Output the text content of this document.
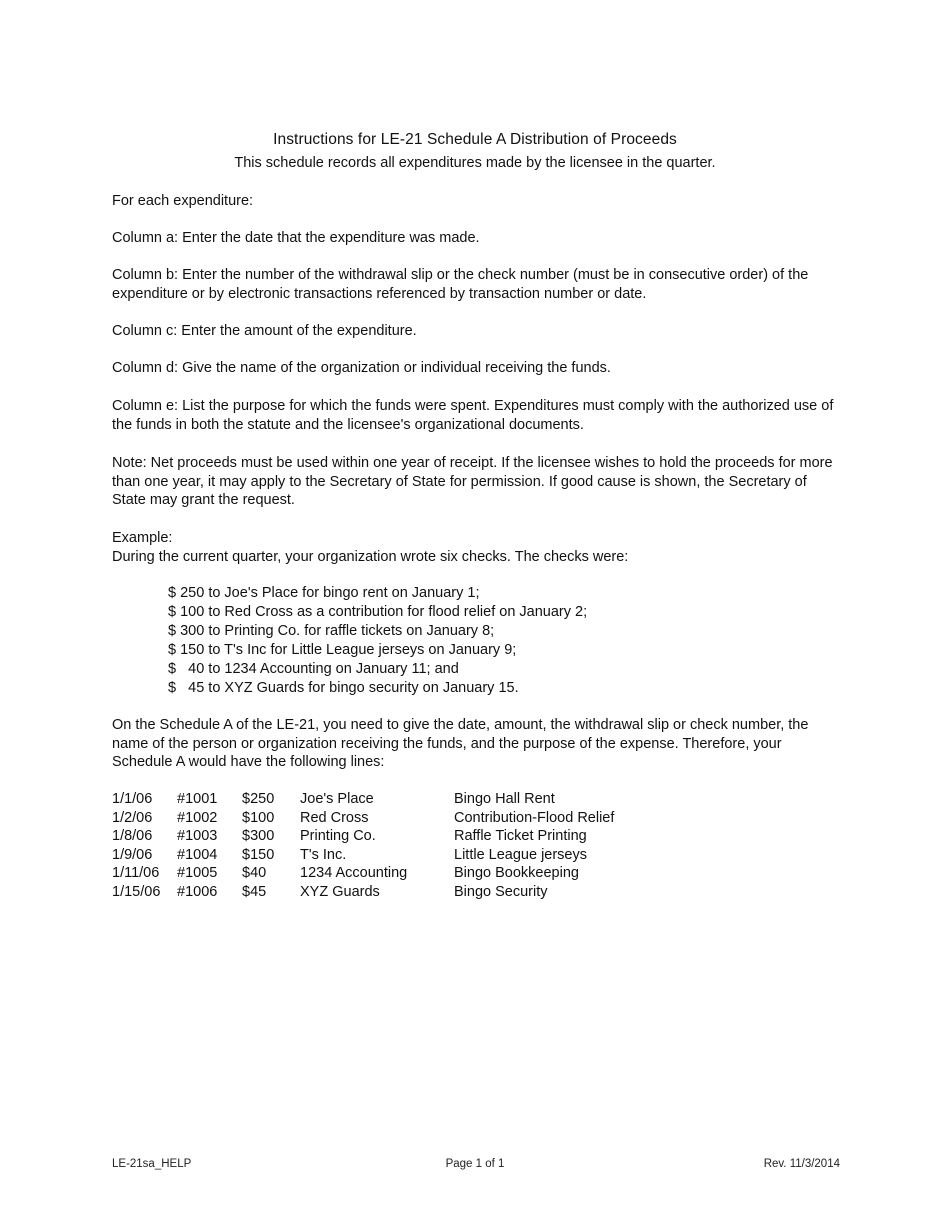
Instructions for LE-21 Schedule A Distribution of Proceeds
This schedule records all expenditures made by the licensee in the quarter.
For each expenditure:
Column a: Enter the date that the expenditure was made.
Column b: Enter the number of the withdrawal slip or the check number (must be in consecutive order) of the expenditure or by electronic transactions referenced by transaction number or date.
Column c: Enter the amount of the expenditure.
Column d: Give the name of the organization or individual receiving the funds.
Column e: List the purpose for which the funds were spent. Expenditures must comply with the authorized use of the funds in both the statute and the licensee's organizational documents.
Note: Net proceeds must be used within one year of receipt. If the licensee wishes to hold the proceeds for more than one year, it may apply to the Secretary of State for permission. If good cause is shown, the Secretary of State may grant the request.
Example:
During the current quarter, your organization wrote six checks. The checks were:
$ 250 to Joe's Place for bingo rent on January 1;
$ 100 to Red Cross as a contribution for flood relief on January 2;
$ 300 to Printing Co. for raffle tickets on January 8;
$ 150 to T's Inc for Little League jerseys on January 9;
$   40 to 1234 Accounting on January 11; and
$   45 to XYZ Guards for bingo security on January 15.
On the Schedule A of the LE-21, you need to give the date, amount, the withdrawal slip or check number, the name of the person or organization receiving the funds, and the purpose of the expense. Therefore, your Schedule A would have the following lines:
1/1/06 #1001 $250 Joe's Place	Bingo Hall Rent
1/2/06 #1002 $100 Red Cross	Contribution-Flood Relief
1/8/06 #1003 $300 Printing Co.	Raffle Ticket Printing
1/9/06 #1004 $150 T's Inc.	Little League jerseys
1/11/06 #1005 $40 1234 Accounting	Bingo Bookkeeping
1/15/06 #1006 $45 XYZ Guards	Bingo Security
LE-21sa_HELP	Page 1 of 1	Rev. 11/3/2014
